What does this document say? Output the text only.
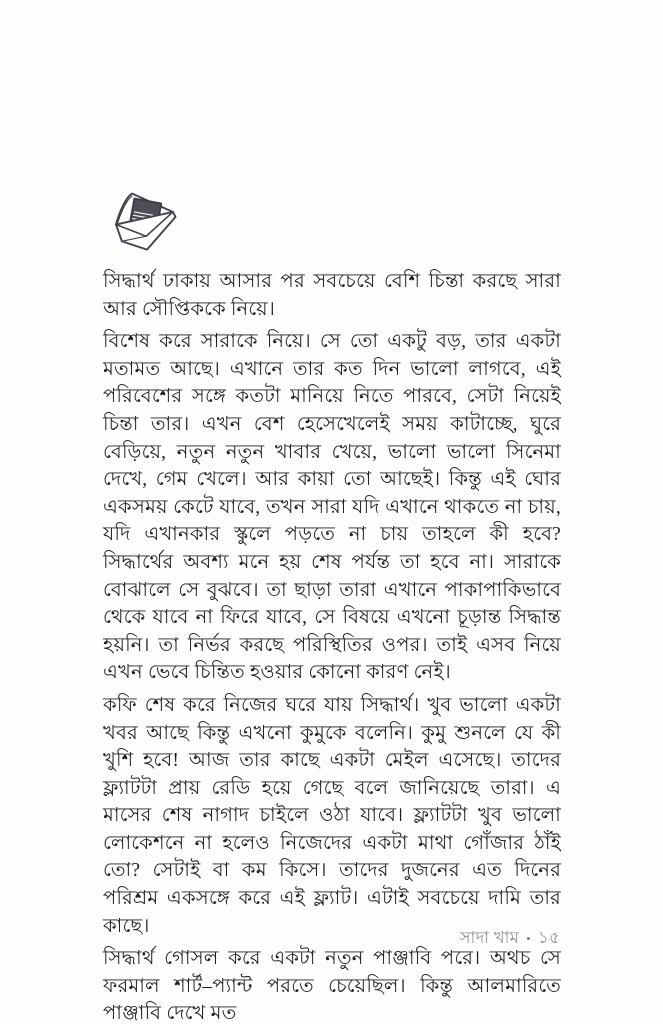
সিদ্ধার্থ ঢাকায় আসার পর সবচেয়ে বেশি চিন্তা করছে সারা আর সৌপ্তিককে নিয়ে।

বিশেষ করে সারাকে নিয়ে। সে তো একটু বড়, তার একটা মতামত আছে। এখানে তার কত দিন ভালো লাগবে, এই পরিবেশের সঙ্গে কতটা মানিয়ে নিতে পারবে, সেটা নিয়েই চিন্তা তার। এখন বেশ হেসেখেলেই সময় কাটাচ্ছে, ঘুরে বেড়িয়ে, নতুন নতুন খাবার খেয়ে, ভালো ভালো সিনেমা দেখে, গেম খেলে। আর কায়া তো আছেই। কিন্তু এই ঘোর একসময় কেটে যাবে, তখন সারা যদি এখানে থাকতে না চায়, যদি এখানকার স্কুলে পড়তে না চায় তাহলে কী হবে? সিদ্ধার্থের অবশ্য মনে হয় শেষ পর্যন্ত তা হবে না। সারাকে বোঝালে সে বুঝবে। তা ছাড়া তারা এখানে পাকাপাকিভাবে থেকে যাবে না ফিরে যাবে, সে বিষয়ে এখনো চূড়ান্ত সিদ্ধান্ত হয়নি। তা নির্ভর করছে পরিস্থিতির ওপর। তাই এসব নিয়ে এখন ভেবে চিন্তিত হওয়ার কোনো কারণ নেই।

কফি শেষ করে নিজের ঘরে যায় সিদ্ধার্থ। খুব ভালো একটা খবর আছে কিন্তু এখনো কুমুকে বলেনি। কুমু শুনলে যে কী খুশি হবে! আজ তার কাছে একটা মেইল এসেছে। তাদের ফ্ল্যাটটা প্রায় রেডি হয়ে গেছে বলে জানিয়েছে তারা। এ মাসের শেষ নাগাদ চাইলে ওঠা যাবে। ফ্ল্যাটটা খুব ভালো লোকেশনে না হলেও নিজেদের একটা মাথা গোঁজার ঠাঁই তো? সেটাই বা কম কিসে। তাদের দুজনের এত দিনের পরিশ্রম একসঙ্গে করে এই ফ্ল্যাট। এটাই সবচেয়ে দামি তার কাছে।

সিদ্ধার্থ গোসল করে একটা নতুন পাঞ্জাবি পরে। অথচ সে ফরমাল শার্ট–প্যান্ট পরতে চেয়েছিল। কিন্তু আলমারিতে পাঞ্জাবি দেখে মত

সাদা খাম • ১৫
